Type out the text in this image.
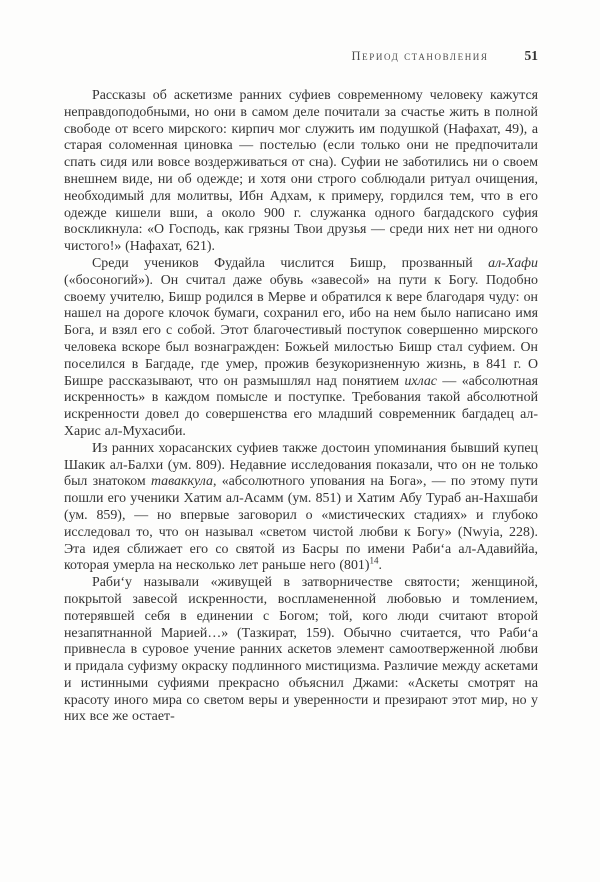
Период становления	51

Рассказы об аскетизме ранних суфиев современному человеку кажутся неправдоподобными, но они в самом деле почитали за счастье жить в полной свободе от всего мирского: кирпич мог служить им подушкой (Нафахат, 49), а старая соломенная циновка — постелью (если только они не предпочитали спать сидя или вовсе воздерживаться от сна). Суфии не заботились ни о своем внешнем виде, ни об одежде; и хотя они строго соблюдали ритуал очищения, необходимый для молитвы, Ибн Адхам, к примеру, гордился тем, что в его одежде кишели вши, а около 900 г. служанка одного багдадского суфия воскликнула: «О Господь, как грязны Твои друзья — среди них нет ни одного чистого!» (Нафахат, 621).

Среди учеников Фудайла числится Бишр, прозванный ал-Хафи («босоногий»). Он считал даже обувь «завесой» на пути к Богу. Подобно своему учителю, Бишр родился в Мерве и обратился к вере благодаря чуду: он нашел на дороге клочок бумаги, сохранил его, ибо на нем было написано имя Бога, и взял его с собой. Этот благочестивый поступок совершенно мирского человека вскоре был вознагражден: Божьей милостью Бишр стал суфием. Он поселился в Багдаде, где умер, прожив безукоризненную жизнь, в 841 г. О Бишре рассказывают, что он размышлял над понятием ихлас — «абсолютная искренность» в каждом помысле и поступке. Требования такой абсолютной искренности довел до совершенства его младший современник багдадец ал-Харис ал-Мухасиби.

Из ранних хорасанских суфиев также достоин упоминания бывший купец Шакик ал-Балхи (ум. 809). Недавние исследования показали, что он не только был знатоком таваккула, «абсолютного упования на Бога», — по этому пути пошли его ученики Хатим ал-Асамм (ум. 851) и Хатим Абу Тураб ан-Нахшаби (ум. 859), — но впервые заговорил о «мистических стадиях» и глубоко исследовал то, что он называл «светом чистой любви к Богу» (Nwyia, 228). Эта идея сближает его со святой из Басры по имени Раби‘а ал-Адавиййа, которая умерла на несколько лет раньше него $(801)^{14}$.

Раби‘у называли «живущей в затворничестве святости; женщиной, покрытой завесой искренности, воспламененной любовью и томлением, потерявшей себя в единении с Богом; той, кого люди считают второй незапятнанной Марией…» (Тазкират, 159). Обычно считается, что Раби‘а привнесла в суровое учение ранних аскетов элемент самоотверженной любви и придала суфизму окраску подлинного мистицизма. Различие между аскетами и истинными суфиями прекрасно объяснил Джами: «Аскеты смотрят на красоту иного мира со светом веры и уверенности и презирают этот мир, но у них все же остает-
